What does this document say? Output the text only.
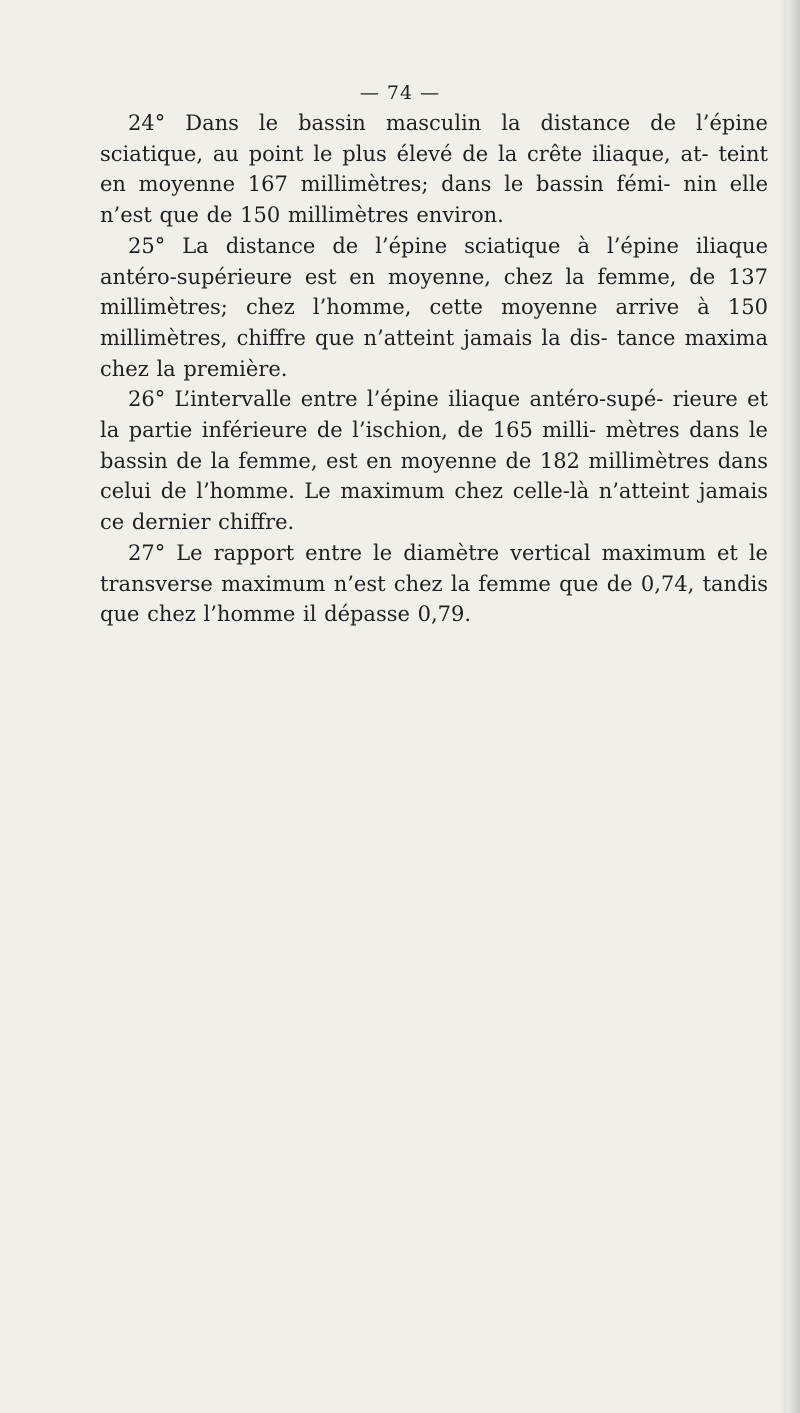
— 74 —

24° Dans le bassin masculin la distance de l’épine sciatique, au point le plus élevé de la crête iliaque, at- teint en moyenne 167 millimètres; dans le bassin fémi- nin elle n’est que de 150 millimètres environ.

25° La distance de l’épine sciatique à l’épine iliaque antéro-supérieure est en moyenne, chez la femme, de 137 millimètres; chez l’homme, cette moyenne arrive à 150 millimètres, chiffre que n’atteint jamais la dis- tance maxima chez la première.

26° L’intervalle entre l’épine iliaque antéro-supé- rieure et la partie inférieure de l’ischion, de 165 milli- mètres dans le bassin de la femme, est en moyenne de 182 millimètres dans celui de l’homme. Le maximum chez celle-là n’atteint jamais ce dernier chiffre.

27° Le rapport entre le diamètre vertical maximum et le transverse maximum n’est chez la femme que de 0,74, tandis que chez l’homme il dépasse 0,79.
